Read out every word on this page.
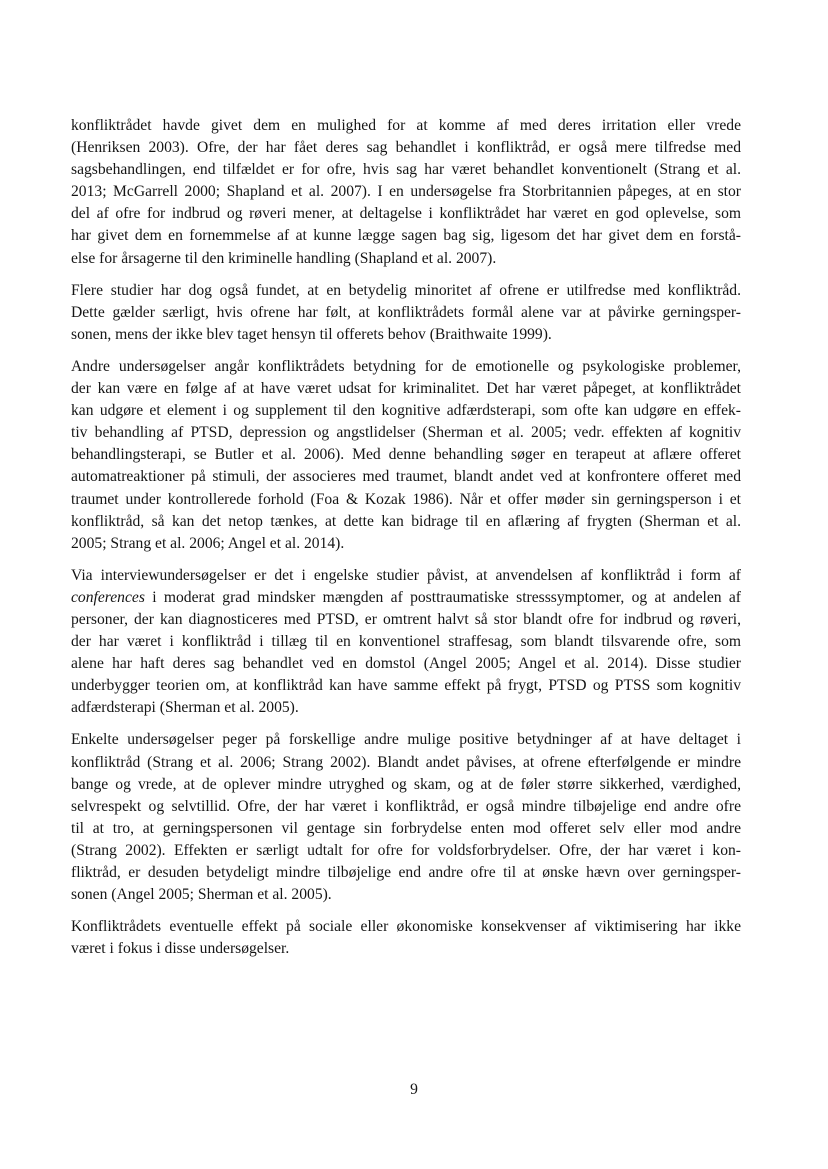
konfliktrådet havde givet dem en mulighed for at komme af med deres irritation eller vrede
(Henriksen 2003). Ofre, der har fået deres sag behandlet i konfliktråd, er også mere tilfredse med
sagsbehandlingen, end tilfældet er for ofre, hvis sag har været behandlet konventionelt (Strang et al.
2013; McGarrell 2000; Shapland et al. 2007). I en undersøgelse fra Storbritannien påpeges, at en stor
del af ofre for indbrud og røveri mener, at deltagelse i konfliktrådet har været en god oplevelse, som
har givet dem en fornemmelse af at kunne lægge sagen bag sig, ligesom det har givet dem en forstå-
else for årsagerne til den kriminelle handling (Shapland et al. 2007).

Flere studier har dog også fundet, at en betydelig minoritet af ofrene er utilfredse med konfliktråd.
Dette gælder særligt, hvis ofrene har følt, at konfliktrådets formål alene var at påvirke gerningsper-
sonen, mens der ikke blev taget hensyn til offerets behov (Braithwaite 1999).

Andre undersøgelser angår konfliktrådets betydning for de emotionelle og psykologiske problemer,
der kan være en følge af at have været udsat for kriminalitet. Det har været påpeget, at konfliktrådet
kan udgøre et element i og supplement til den kognitive adfærdsterapi, som ofte kan udgøre en effek-
tiv behandling af PTSD, depression og angstlidelser (Sherman et al. 2005; vedr. effekten af kognitiv
behandlingsterapi, se Butler et al. 2006). Med denne behandling søger en terapeut at aflære offeret
automatreaktioner på stimuli, der associeres med traumet, blandt andet ved at konfrontere offeret med
traumet under kontrollerede forhold (Foa & Kozak 1986). Når et offer møder sin gerningsperson i et
konfliktråd, så kan det netop tænkes, at dette kan bidrage til en aflæring af frygten (Sherman et al.
2005; Strang et al. 2006; Angel et al. 2014).

Via interviewundersøgelser er det i engelske studier påvist, at anvendelsen af konfliktråd i form af
conferences i moderat grad mindsker mængden af posttraumatiske stresssymptomer, og at andelen af
personer, der kan diagnosticeres med PTSD, er omtrent halvt så stor blandt ofre for indbrud og røveri,
der har været i konfliktråd i tillæg til en konventionel straffesag, som blandt tilsvarende ofre, som
alene har haft deres sag behandlet ved en domstol (Angel 2005; Angel et al. 2014). Disse studier
underbygger teorien om, at konfliktråd kan have samme effekt på frygt, PTSD og PTSS som kognitiv
adfærdsterapi (Sherman et al. 2005).

Enkelte undersøgelser peger på forskellige andre mulige positive betydninger af at have deltaget i
konfliktråd (Strang et al. 2006; Strang 2002). Blandt andet påvises, at ofrene efterfølgende er mindre
bange og vrede, at de oplever mindre utryghed og skam, og at de føler større sikkerhed, værdighed,
selvrespekt og selvtillid. Ofre, der har været i konfliktråd, er også mindre tilbøjelige end andre ofre
til at tro, at gerningspersonen vil gentage sin forbrydelse enten mod offeret selv eller mod andre
(Strang 2002). Effekten er særligt udtalt for ofre for voldsforbrydelser. Ofre, der har været i kon-
fliktråd, er desuden betydeligt mindre tilbøjelige end andre ofre til at ønske hævn over gerningsper-
sonen (Angel 2005; Sherman et al. 2005).

Konfliktrådets eventuelle effekt på sociale eller økonomiske konsekvenser af viktimisering har ikke
været i fokus i disse undersøgelser.

9
